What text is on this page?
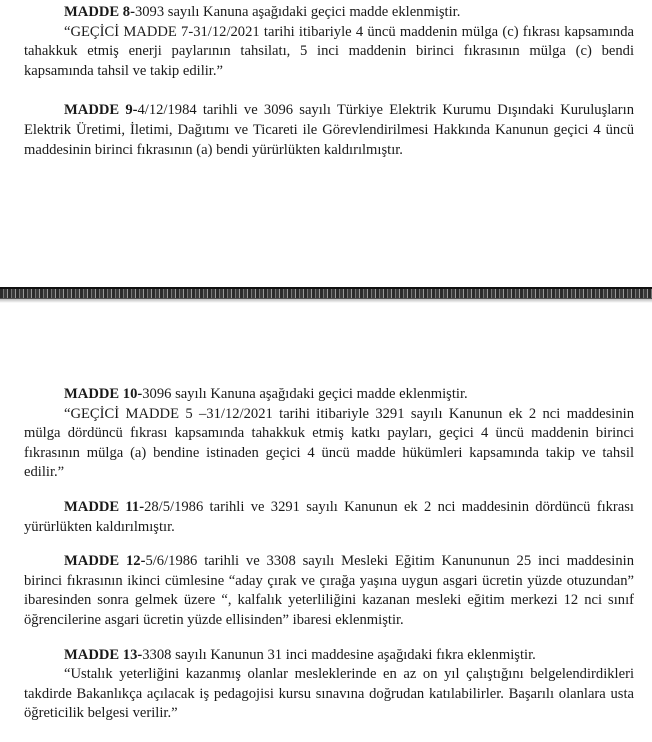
MADDE 8-3093 sayılı Kanuna aşağıdaki geçici madde eklenmiştir.

“GEÇİCİ MADDE 7-31/12/2021 tarihi itibariyle 4 üncü maddenin mülga (c) fıkrası kapsamında tahakkuk etmiş enerji paylarının tahsilatı, 5 inci maddenin birinci fıkrasının mülga (c) bendi kapsamında tahsil ve takip edilir.”

MADDE 9-4/12/1984 tarihli ve 3096 sayılı Türkiye Elektrik Kurumu Dışındaki Kuruluşların Elektrik Üretimi, İletimi, Dağıtımı ve Ticareti ile Görevlendirilmesi Hakkında Kanunun geçici 4 üncü maddesinin birinci fıkrasının (a) bendi yürürlükten kaldırılmıştır.

MADDE 10-3096 sayılı Kanuna aşağıdaki geçici madde eklenmiştir.

“GEÇİCİ MADDE 5 –31/12/2021 tarihi itibariyle 3291 sayılı Kanunun ek 2 nci maddesinin mülga dördüncü fıkrası kapsamında tahakkuk etmiş katkı payları, geçici 4 üncü maddenin birinci fıkrasının mülga (a) bendine istinaden geçici 4 üncü madde hükümleri kapsamında takip ve tahsil edilir.”

MADDE 11-28/5/1986 tarihli ve 3291 sayılı Kanunun ek 2 nci maddesinin dördüncü fıkrası yürürlükten kaldırılmıştır.

MADDE 12-5/6/1986 tarihli ve 3308 sayılı Mesleki Eğitim Kanununun 25 inci maddesinin birinci fıkrasının ikinci cümlesine “aday çırak ve çırağa yaşına uygun asgari ücretin yüzde otuzundan” ibaresinden sonra gelmek üzere “, kalfalık yeterliliğini kazanan mesleki eğitim merkezi 12 nci sınıf öğrencilerine asgari ücretin yüzde ellisinden” ibaresi eklenmiştir.

MADDE 13-3308 sayılı Kanunun 31 inci maddesine aşağıdaki fıkra eklenmiştir.

“Ustalık yeterliğini kazanmış olanlar mesleklerinde en az on yıl çalıştığını belgelendirdikleri takdirde Bakanlıkça açılacak iş pedagojisi kursu sınavına doğrudan katılabilirler. Başarılı olanlara usta öğreticilik belgesi verilir.”
